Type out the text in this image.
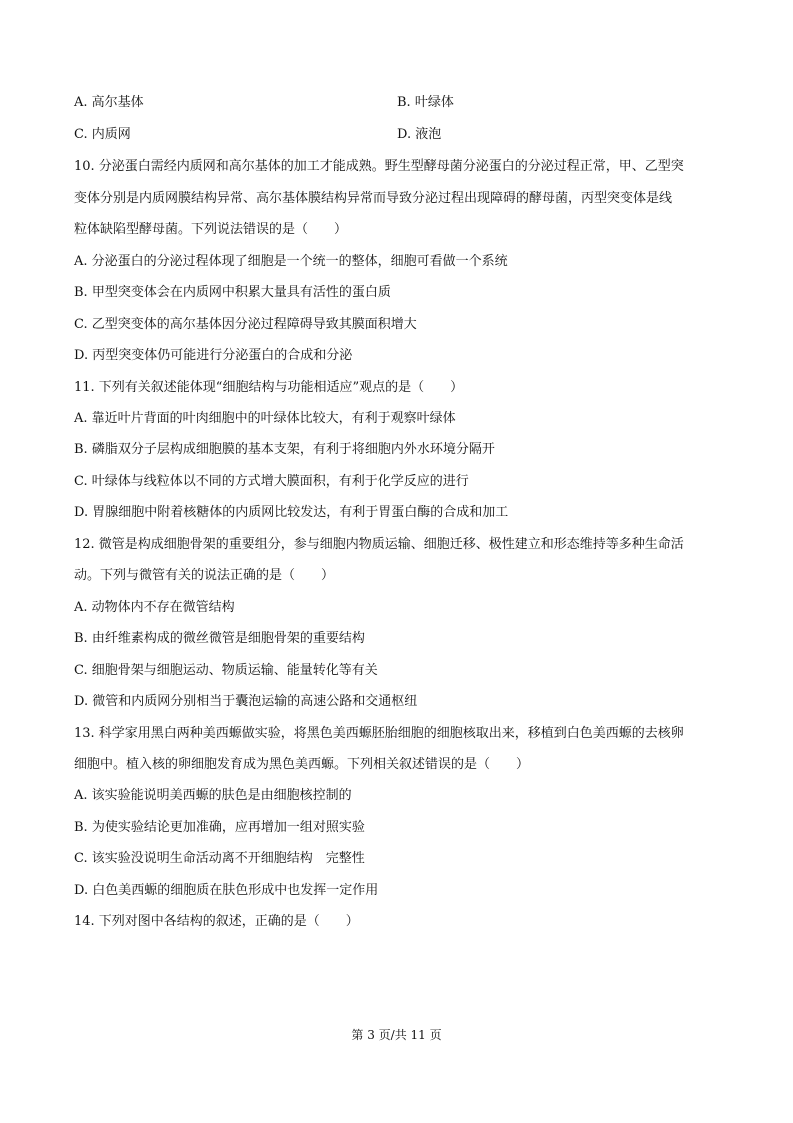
A. 高尔基体	B. 叶绿体
C. 内质网	D. 液泡
10. 分泌蛋白需经内质网和高尔基体的加工才能成熟。野生型酵母菌分泌蛋白的分泌过程正常，甲、乙型突
变体分别是内质网膜结构异常、高尔基体膜结构异常而导致分泌过程出现障碍的酵母菌，丙型突变体是线
粒体缺陷型酵母菌。下列说法错误的是（　　）
A. 分泌蛋白的分泌过程体现了细胞是一个统一的整体，细胞可看做一个系统
B. 甲型突变体会在内质网中积累大量具有活性的蛋白质
C. 乙型突变体的高尔基体因分泌过程障碍导致其膜面积增大
D. 丙型突变体仍可能进行分泌蛋白的合成和分泌
11. 下列有关叙述能体现“细胞结构与功能相适应”观点的是（　　）
A. 靠近叶片背面的叶肉细胞中的叶绿体比较大，有利于观察叶绿体
B. 磷脂双分子层构成细胞膜的基本支架，有利于将细胞内外水环境分隔开
C. 叶绿体与线粒体以不同的方式增大膜面积，有利于化学反应的进行
D. 胃腺细胞中附着核糖体的内质网比较发达，有利于胃蛋白酶的合成和加工
12. 微管是构成细胞骨架的重要组分，参与细胞内物质运输、细胞迁移、极性建立和形态维持等多种生命活
动。下列与微管有关的说法正确的是（　　）
A. 动物体内不存在微管结构
B. 由纤维素构成的微丝微管是细胞骨架的重要结构
C. 细胞骨架与细胞运动、物质运输、能量转化等有关
D. 微管和内质网分别相当于囊泡运输的高速公路和交通枢纽
13. 科学家用黑白两种美西螈做实验，将黑色美西螈胚胎细胞的细胞核取出来，移植到白色美西螈的去核卵
细胞中。植入核的卵细胞发育成为黑色美西螈。下列相关叙述错误的是（　　）
A. 该实验能说明美西螈的肤色是由细胞核控制的
B. 为使实验结论更加准确，应再增加一组对照实验
C. 该实验没说明生命活动离不开细胞结构　完整性
D. 白色美西螈的细胞质在肤色形成中也发挥一定作用
14. 下列对图中各结构的叙述，正确的是（　　）
第 3 页/共 11 页
